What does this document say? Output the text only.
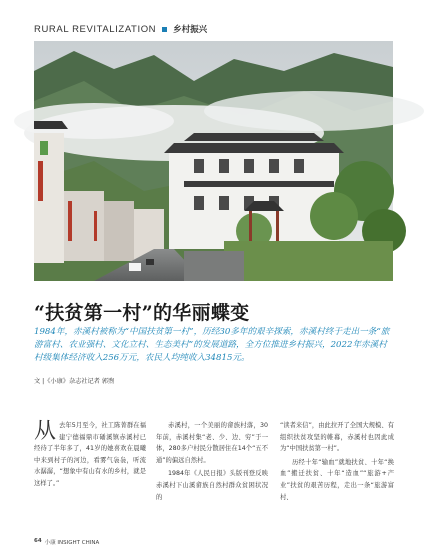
RURAL REVITALIZATION 乡村振兴
张勇/摄
“扶贫第一村”的华丽蝶变
1984年，赤溪村被称为“中国扶贫第一村”，历经30多年的艰辛探索，赤溪村终于走出一条“旅游富村、农业强村、文化立村、生态美村”的发展道路，全方位推进乡村振兴，2022年赤溪村村级集体经济收入256万元，农民人均纯收入34815元。
文 |《小康》杂志社记者 郭煦
从 去年5月至今，社工陈菁群在福建宁德福鼎市磻溪镇赤溪村已经待了半年多了，41岁的她喜欢在晨曦中来到村子的河边，看雾气袅袅，听流水潺潺，“想象中有山有水的乡村，就是这样了。”

赤溪村，一个美丽的畲族村落，30年前，赤溪村集“老、少、边、穷”于一体，280多户村民分散居住在14个“五不通”的偏远自然村。

1984年《人民日报》头版刊登反映赤溪村下山溪畲族自然村群众贫困状况的

“读者来信”，由此拉开了全国大规模、有组织扶贫攻坚的帷幕，赤溪村也因此成为“中国扶贫第一村”。

历经十年“输血”就地扶贫、十年“换血”搬迁扶贫、十年“造血”“旅游+产业”扶贫的艰苦历程，走出一条“旅游富村、

64 小康 INSIGHT CHINA
